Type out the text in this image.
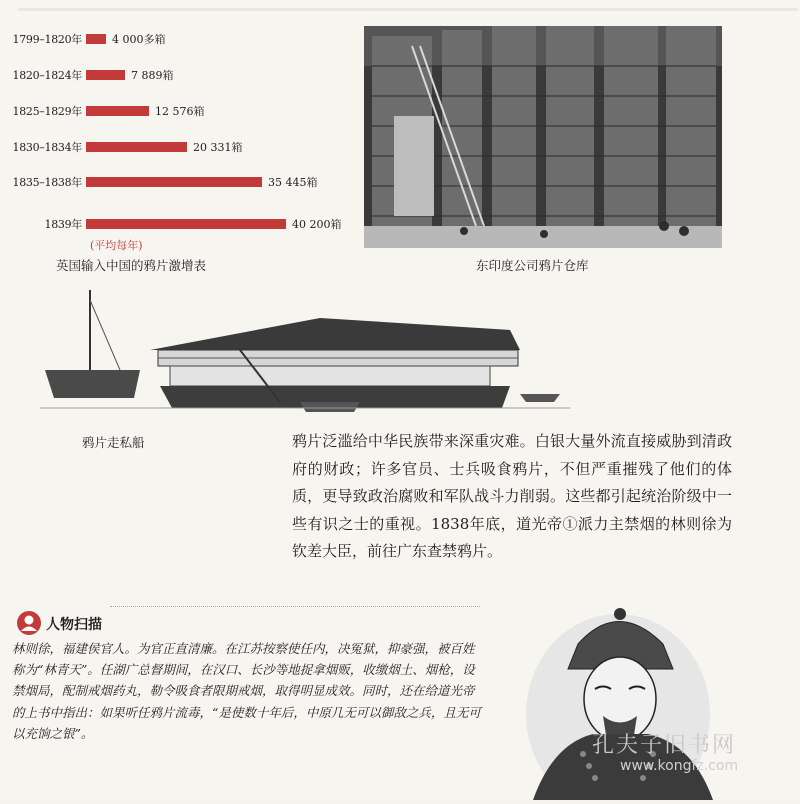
1799–1820年	4 000多箱
1820–1824年	7 889箱
1825–1829年	12 576箱
1830–1834年	20 331箱
1835–1838年	35 445箱
1839年	40 200箱
(平均每年)
英国输入中国的鸦片激增表	东印度公司鸦片仓库
鸦片走私船	鸦片泛滥给中华民族带来深重灾难。白银大量外流直接威胁到清政府的财政；许多官员、士兵吸食鸦片，不但严重摧残了他们的体质，更导致政治腐败和军队战斗力削弱。这些都引起统治阶级中一些有识之士的重视。1838年底，道光帝①派力主禁烟的林则徐为钦差大臣，前往广东查禁鸦片。
人物扫描
林则徐，福建侯官人。为官正直清廉。在江苏按察使任内，决冤狱，抑豪强，被百姓称为“林青天”。任湖广总督期间，在汉口、长沙等地捉拿烟贩，收缴烟土、烟枪，设禁烟局，配制戒烟药丸，勒令吸食者限期戒烟，取得明显成效。同时，还在给道光帝的上书中指出：如果听任鸦片流毒，“是使数十年后，中原几无可以御敌之兵，且无可以充饷之银”。	孔夫子旧书网
www.kongfz.com
